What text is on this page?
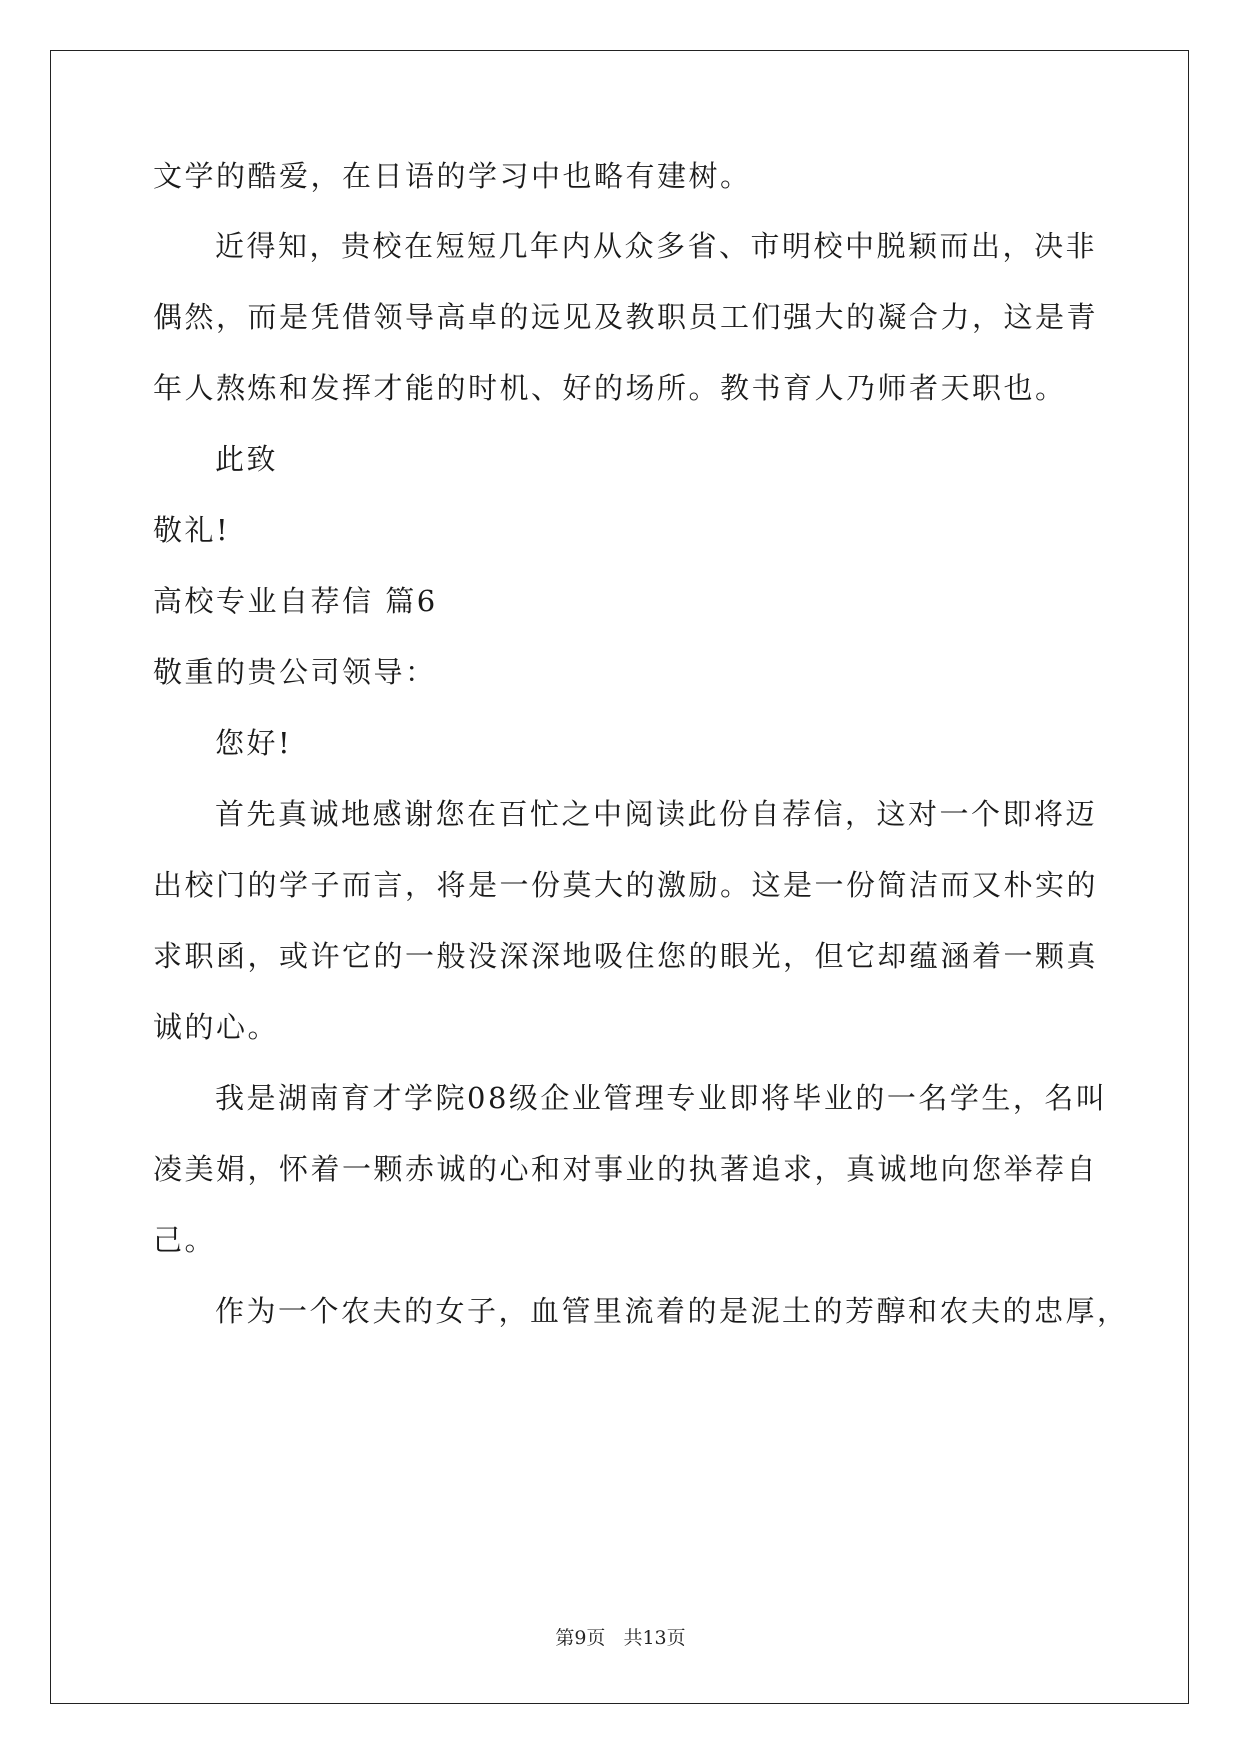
文学的酷爱，在日语的学习中也略有建树。
近得知，贵校在短短几年内从众多省、市明校中脱颖而出，决非
偶然，而是凭借领导高卓的远见及教职员工们强大的凝合力，这是青
年人熬炼和发挥才能的时机、好的场所。教书育人乃师者天职也。
此致
敬礼!
高校专业自荐信 篇6
敬重的贵公司领导：
您好!
首先真诚地感谢您在百忙之中阅读此份自荐信，这对一个即将迈
出校门的学子而言，将是一份莫大的激励。这是一份简洁而又朴实的
求职函，或许它的一般没深深地吸住您的眼光，但它却蕴涵着一颗真
诚的心。
我是湖南育才学院08级企业管理专业即将毕业的一名学生，名叫
凌美娟，怀着一颗赤诚的心和对事业的执著追求，真诚地向您举荐自
己。
作为一个农夫的女子，血管里流着的是泥土的芳醇和农夫的忠厚，
第9页 共13页
